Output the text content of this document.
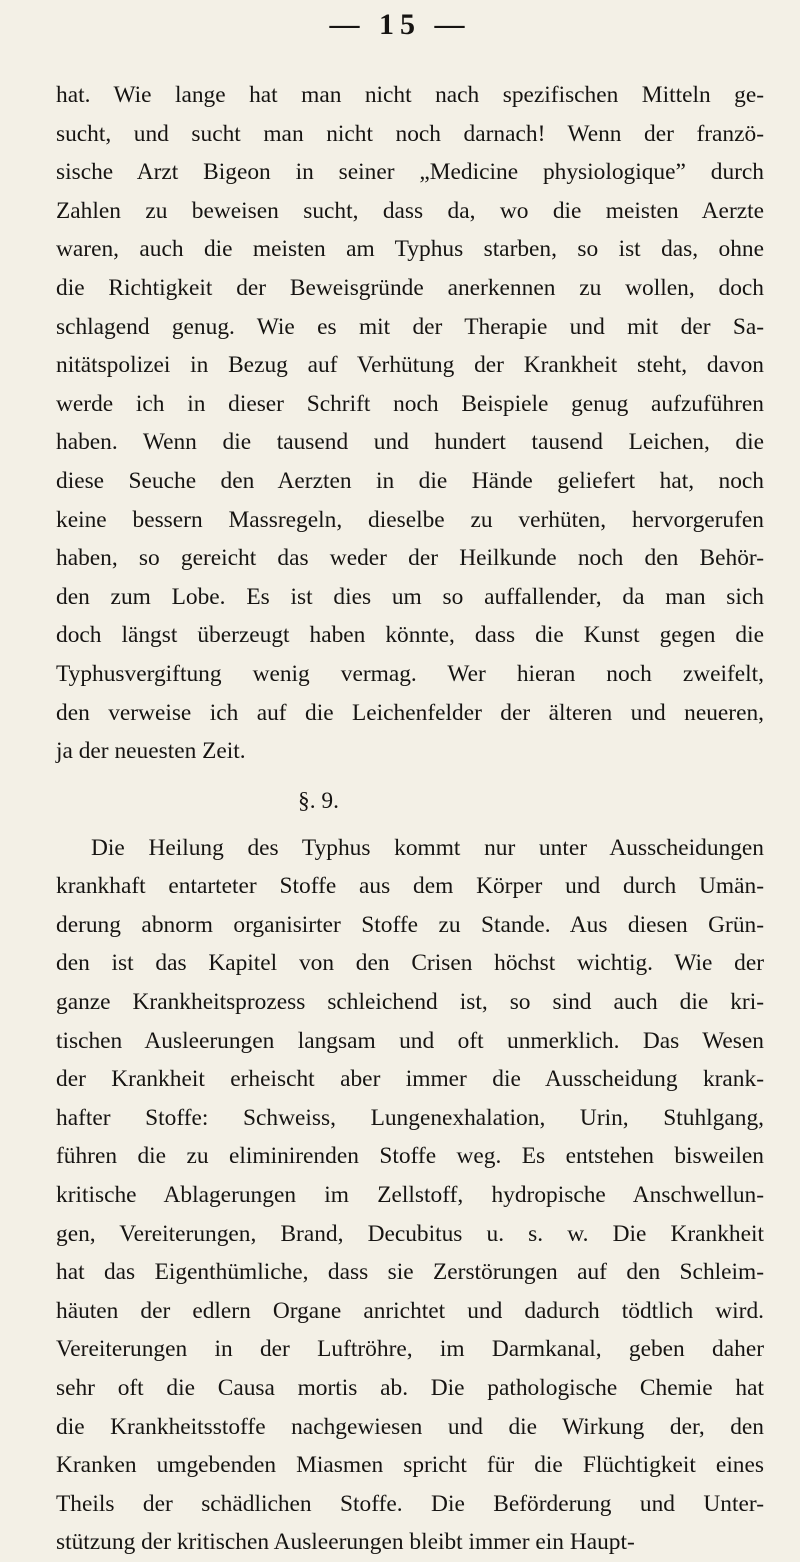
— 15 —
hat. Wie lange hat man nicht nach spezifischen Mitteln ge-
sucht, und sucht man nicht noch darnach! Wenn der franzö-
sische Arzt Bigeon in seiner „Medicine physiologique” durch
Zahlen zu beweisen sucht, dass da, wo die meisten Aerzte
waren, auch die meisten am Typhus starben, so ist das, ohne
die Richtigkeit der Beweisgründe anerkennen zu wollen, doch
schlagend genug. Wie es mit der Therapie und mit der Sa-
nitätspolizei in Bezug auf Verhütung der Krankheit steht, davon
werde ich in dieser Schrift noch Beispiele genug aufzuführen
haben. Wenn die tausend und hundert tausend Leichen, die
diese Seuche den Aerzten in die Hände geliefert hat, noch
keine bessern Massregeln, dieselbe zu verhüten, hervorgerufen
haben, so gereicht das weder der Heilkunde noch den Behör-
den zum Lobe. Es ist dies um so auffallender, da man sich
doch längst überzeugt haben könnte, dass die Kunst gegen die
Typhusvergiftung wenig vermag. Wer hieran noch zweifelt,
den verweise ich auf die Leichenfelder der älteren und neueren,
ja der neuesten Zeit.
§. 9.
Die Heilung des Typhus kommt nur unter Ausscheidungen
krankhaft entarteter Stoffe aus dem Körper und durch Umän-
derung abnorm organisirter Stoffe zu Stande. Aus diesen Grün-
den ist das Kapitel von den Crisen höchst wichtig. Wie der
ganze Krankheitsprozess schleichend ist, so sind auch die kri-
tischen Ausleerungen langsam und oft unmerklich. Das Wesen
der Krankheit erheischt aber immer die Ausscheidung krank-
hafter Stoffe: Schweiss, Lungenexhalation, Urin, Stuhlgang,
führen die zu eliminirenden Stoffe weg. Es entstehen bisweilen
kritische Ablagerungen im Zellstoff, hydropische Anschwellun-
gen, Vereiterungen, Brand, Decubitus u. s. w. Die Krankheit
hat das Eigenthümliche, dass sie Zerstörungen auf den Schleim-
häuten der edlern Organe anrichtet und dadurch tödtlich wird.
Vereiterungen in der Luftröhre, im Darmkanal, geben daher
sehr oft die Causa mortis ab. Die pathologische Chemie hat
die Krankheitsstoffe nachgewiesen und die Wirkung der, den
Kranken umgebenden Miasmen spricht für die Flüchtigkeit eines
Theils der schädlichen Stoffe. Die Beförderung und Unter-
stützung der kritischen Ausleerungen bleibt immer ein Haupt-
